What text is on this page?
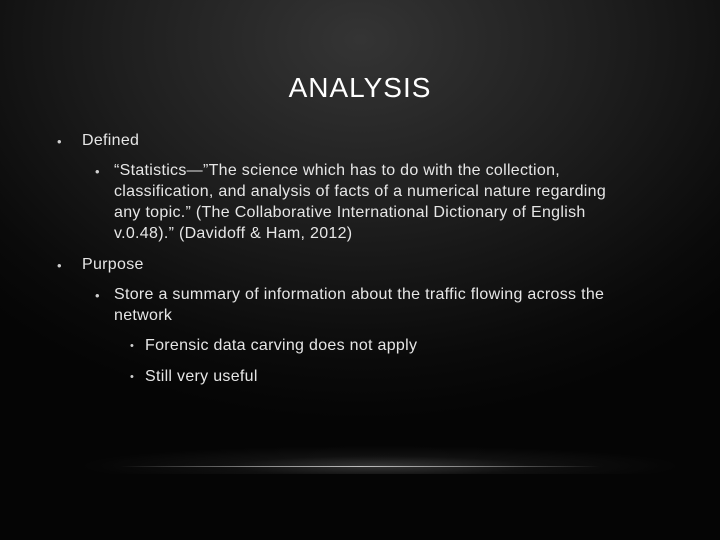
ANALYSIS
• Defined
• “Statistics—”The science which has to do with the collection,
classification, and analysis of facts of a numerical nature regarding
any topic.” (The Collaborative International Dictionary of English
v.0.48).” (Davidoff & Ham, 2012)
• Purpose
• Store a summary of information about the traffic flowing across the
network
• Forensic data carving does not apply
• Still very useful
